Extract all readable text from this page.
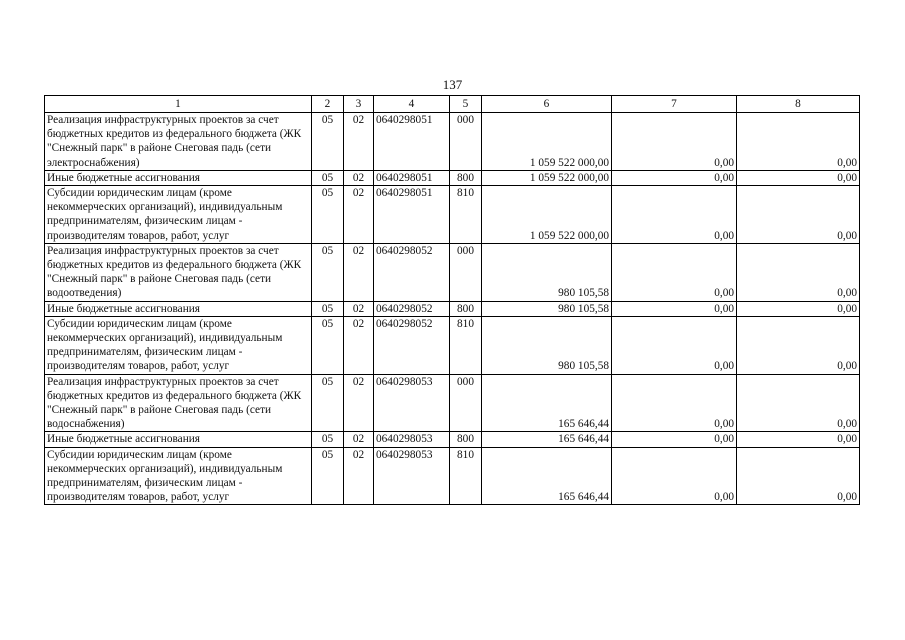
137
1	2	3	4	5	6	7	8
Реализация инфраструктурных проектов за счет бюджетных кредитов из федерального бюджета (ЖК "Снежный парк" в районе Снеговая падь (сети электроснабжения)	05	02	0640298051	000	1 059 522 000,00	0,00	0,00
Иные бюджетные ассигнования	05	02	0640298051	800	1 059 522 000,00	0,00	0,00
Субсидии юридическим лицам (кроме некоммерческих организаций), индивидуальным предпринимателям, физическим лицам - производителям товаров, работ, услуг	05	02	0640298051	810	1 059 522 000,00	0,00	0,00
Реализация инфраструктурных проектов за счет бюджетных кредитов из федерального бюджета (ЖК "Снежный парк" в районе Снеговая падь (сети водоотведения)	05	02	0640298052	000	980 105,58	0,00	0,00
Иные бюджетные ассигнования	05	02	0640298052	800	980 105,58	0,00	0,00
Субсидии юридическим лицам (кроме некоммерческих организаций), индивидуальным предпринимателям, физическим лицам - производителям товаров, работ, услуг	05	02	0640298052	810	980 105,58	0,00	0,00
Реализация инфраструктурных проектов за счет бюджетных кредитов из федерального бюджета (ЖК "Снежный парк" в районе Снеговая падь (сети водоснабжения)	05	02	0640298053	000	165 646,44	0,00	0,00
Иные бюджетные ассигнования	05	02	0640298053	800	165 646,44	0,00	0,00
Субсидии юридическим лицам (кроме некоммерческих организаций), индивидуальным предпринимателям, физическим лицам - производителям товаров, работ, услуг	05	02	0640298053	810	165 646,44	0,00	0,00
